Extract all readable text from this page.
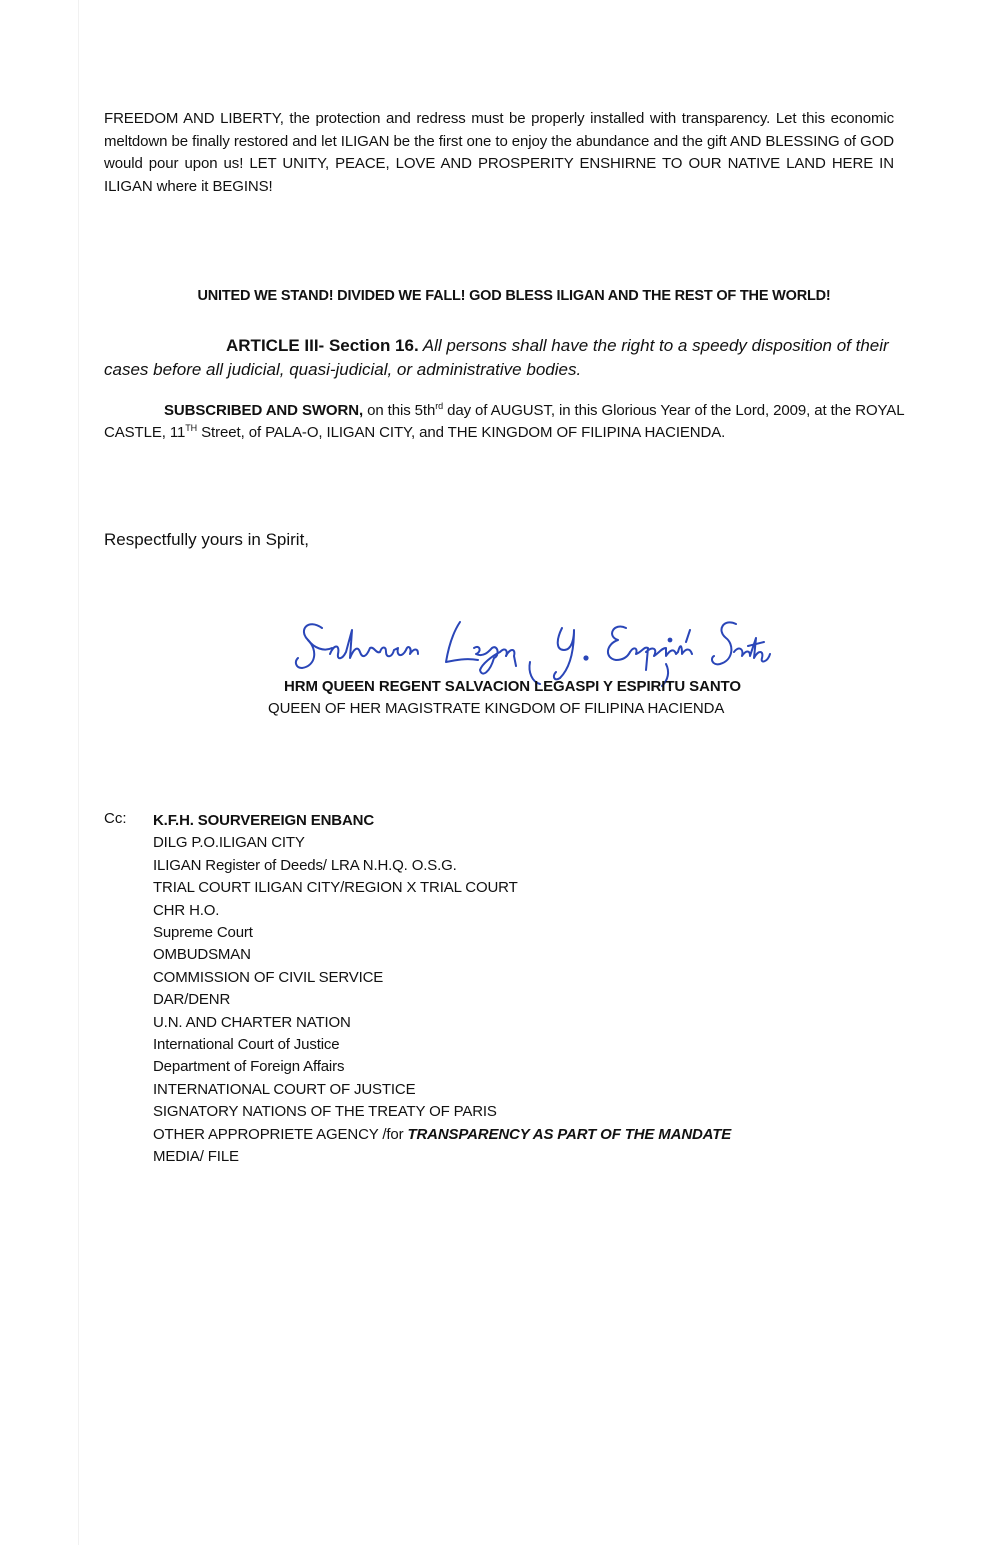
FREEDOM AND LIBERTY, the protection and redress must be properly installed with transparency. Let this economic meltdown be finally restored and let ILIGAN be the first one to enjoy the abundance and the gift AND BLESSING of GOD would pour upon us! LET UNITY, PEACE, LOVE AND PROSPERITY ENSHIRNE TO OUR NATIVE LAND HERE IN ILIGAN where it BEGINS!

UNITED WE STAND! DIVIDED WE FALL! GOD BLESS ILIGAN AND THE REST OF THE WORLD!

ARTICLE III- Section 16. All persons shall have the right to a speedy disposition of their cases before all judicial, quasi-judicial, or administrative bodies.

SUBSCRIBED AND SWORN, on this $5th^{rd}$ day of AUGUST, in this Glorious Year of the Lord, 2009, at the ROYAL CASTLE, 11TH Street, of PALA-O, ILIGAN CITY, and THE KINGDOM OF FILIPINA HACIENDA.

Respectfully yours in Spirit,
HRM QUEEN REGENT SALVACION LEGASPI Y ESPIRITU SANTO
QUEEN OF HER MAGISTRATE KINGDOM OF FILIPINA HACIENDA
Cc: K.F.H. SOURVEREIGN ENBANC
DILG P.O.ILIGAN CITY
ILIGAN Register of Deeds/ LRA N.H.Q. O.S.G.
TRIAL COURT ILIGAN CITY/REGION X TRIAL COURT
CHR H.O.
Supreme Court
OMBUDSMAN
COMMISSION OF CIVIL SERVICE
DAR/DENR
U.N. AND CHARTER NATION
International Court of Justice
Department of Foreign Affairs
INTERNATIONAL COURT OF JUSTICE
SIGNATORY NATIONS OF THE TREATY OF PARIS
OTHER APPROPRIETE AGENCY /for TRANSPARENCY AS PART OF THE MANDATE
MEDIA/ FILE
